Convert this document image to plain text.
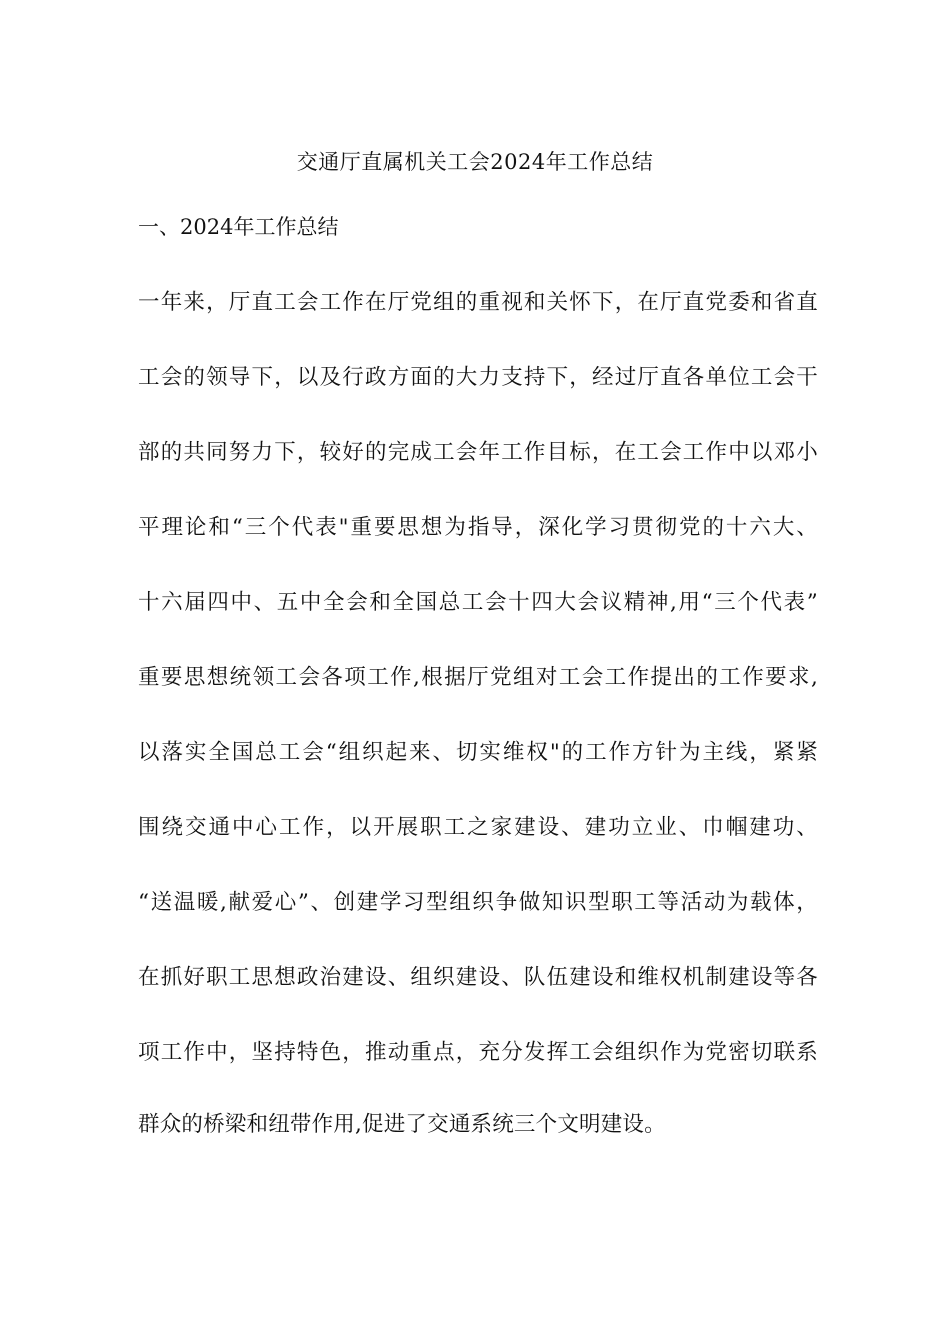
交通厅直属机关工会2024年工作总结
一、2024年工作总结
一年来，厅直工会工作在厅党组的重视和关怀下，在厅直党委和省直
工会的领导下，以及行政方面的大力支持下，经过厅直各单位工会干
部的共同努力下，较好的完成工会年工作目标，在工会工作中以邓小
平理论和“三个代表"重要思想为指导，深化学习贯彻党的十六大、
十六届四中、五中全会和全国总工会十四大会议精神,用“三个代表”
重要思想统领工会各项工作,根据厅党组对工会工作提出的工作要求,
以落实全国总工会“组织起来、切实维权"的工作方针为主线，紧紧
围绕交通中心工作，以开展职工之家建设、建功立业、巾帼建功、
“送温暖,献爱心”、创建学习型组织争做知识型职工等活动为载体，
在抓好职工思想政治建设、组织建设、队伍建设和维权机制建设等各
项工作中，坚持特色，推动重点，充分发挥工会组织作为党密切联系
群众的桥梁和纽带作用,促进了交通系统三个文明建设。
